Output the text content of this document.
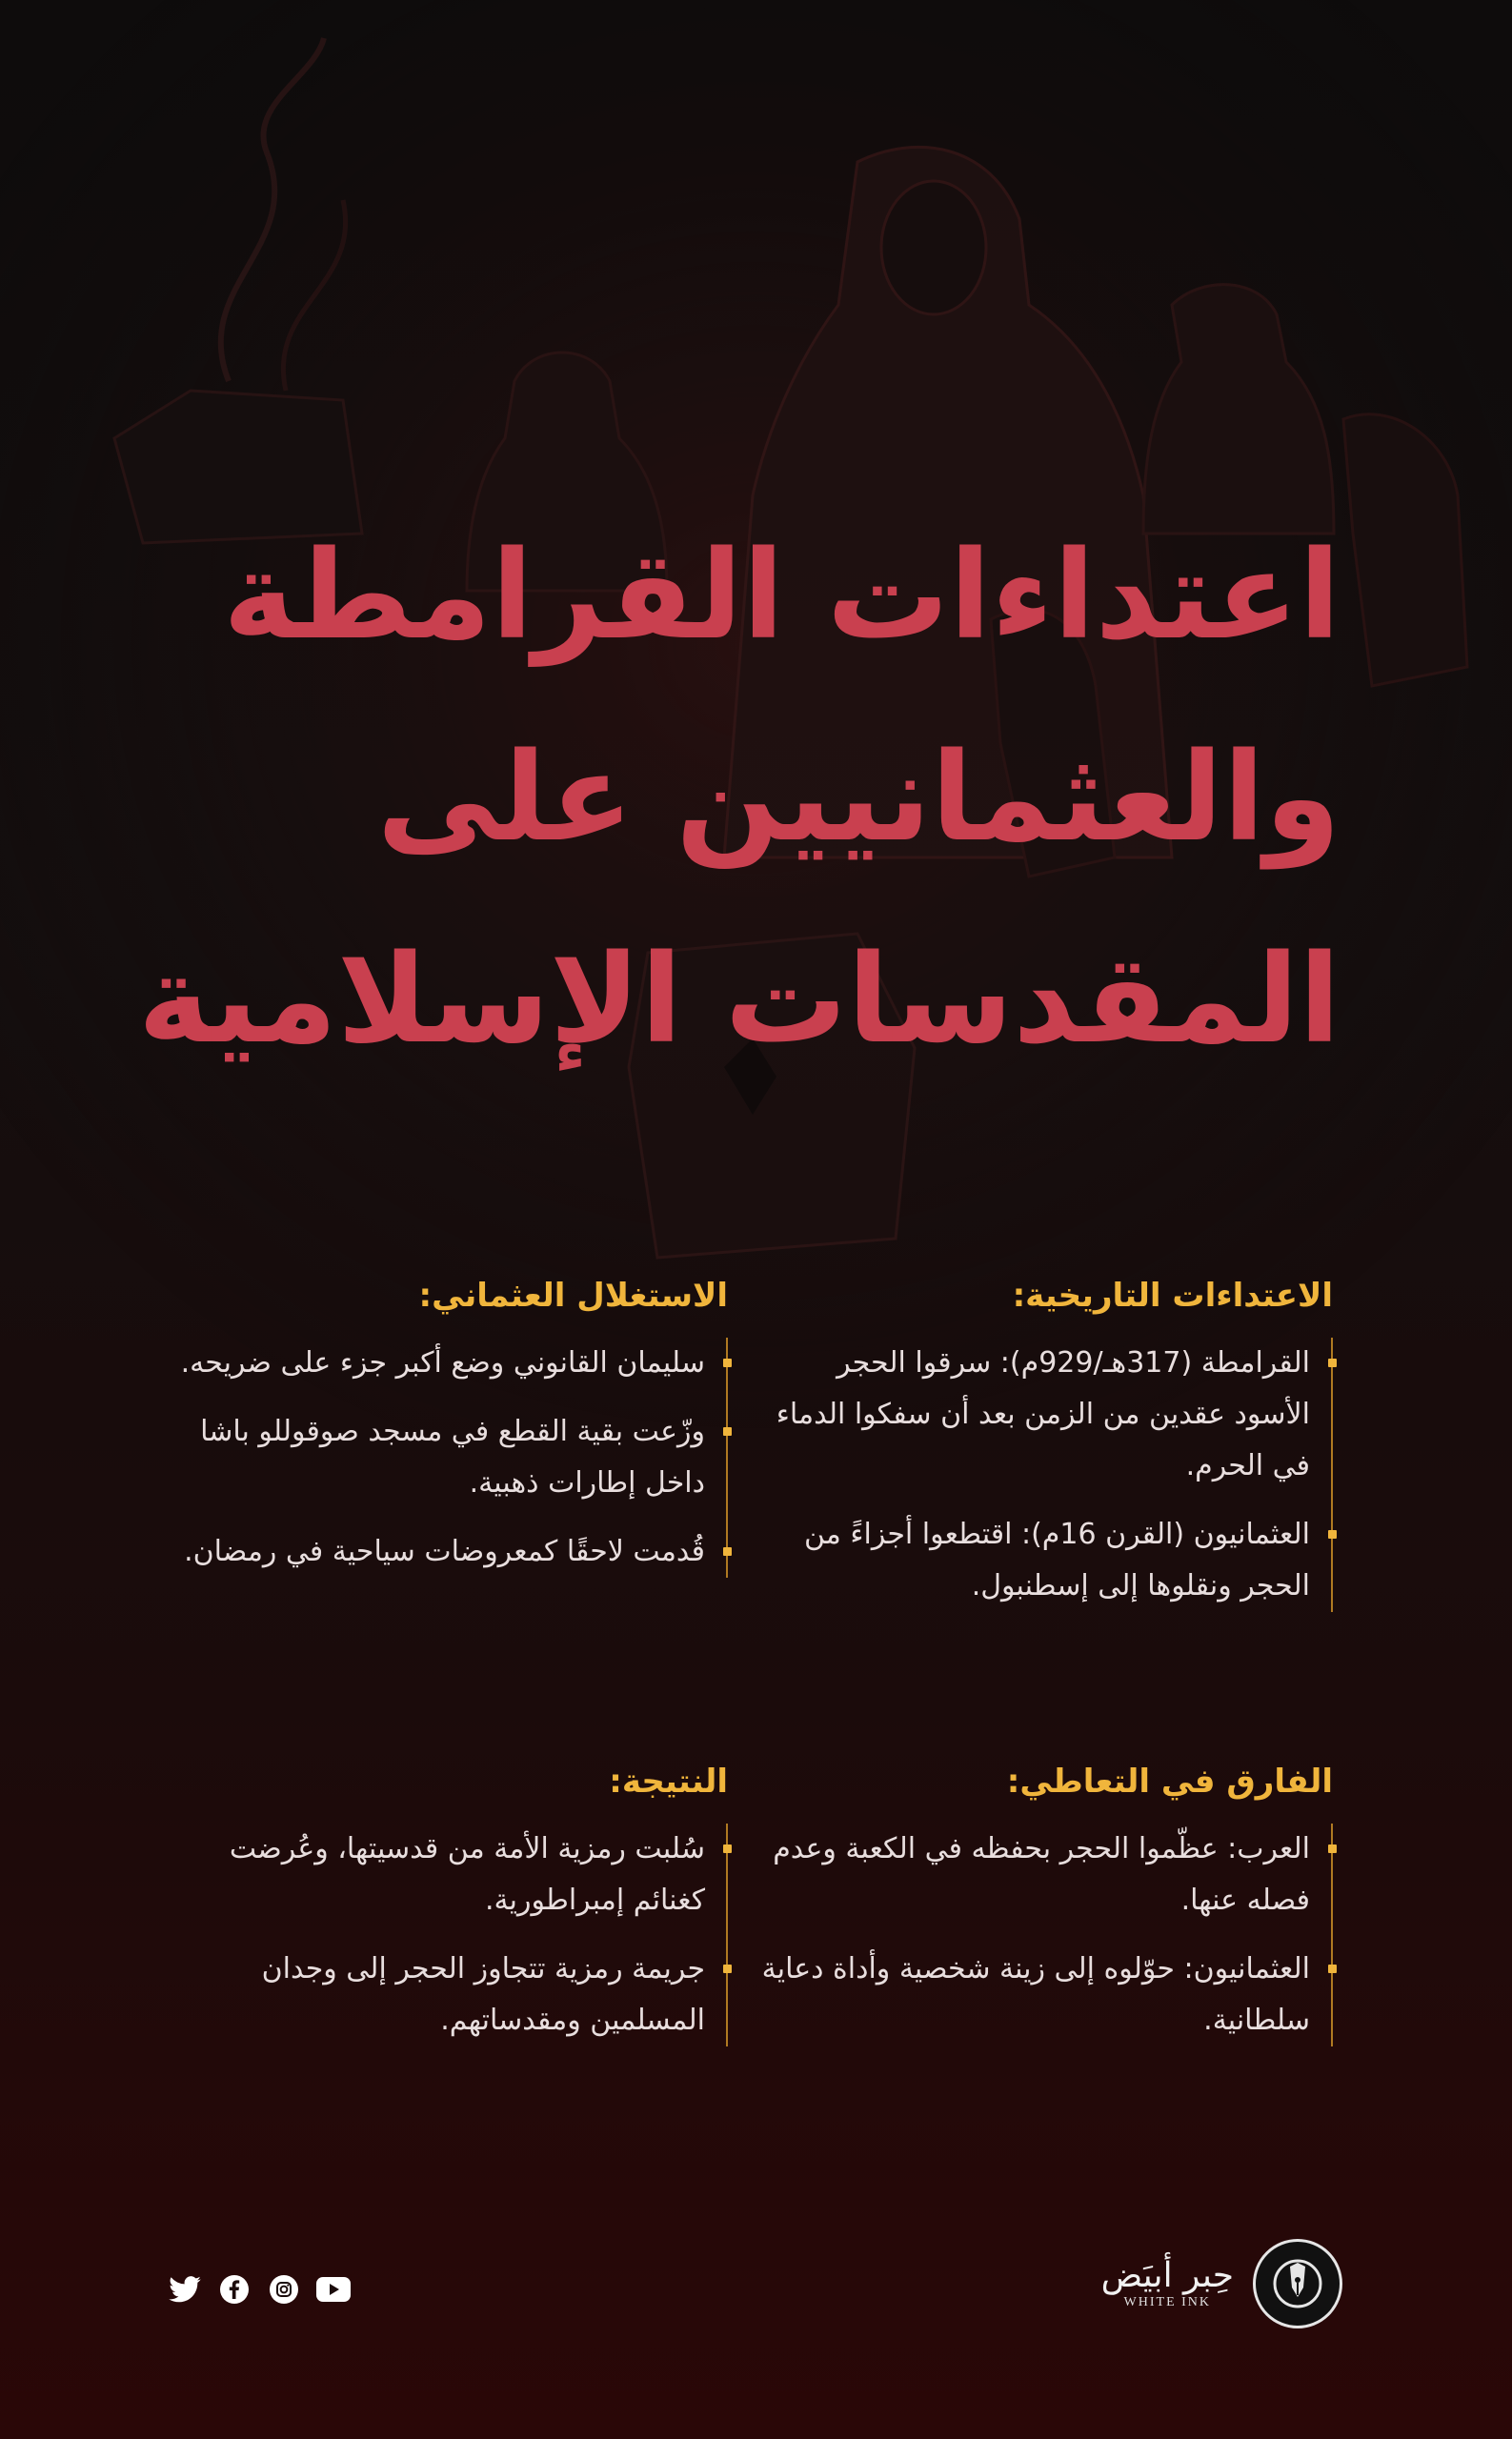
اعتداءات القرامطة
والعثمانيين على
المقدسات الإسلامية
الاعتداءات التاريخية:
القرامطة (317هـ/929م): سرقوا الحجر الأسود عقدين من الزمن بعد أن سفكوا الدماء في الحرم.
العثمانيون (القرن 16م): اقتطعوا أجزاءً من الحجر ونقلوها إلى إسطنبول.
الاستغلال العثماني:
سليمان القانوني وضع أكبر جزء على ضريحه.
وزّعت بقية القطع في مسجد صوقوللو باشا داخل إطارات ذهبية.
قُدمت لاحقًا كمعروضات سياحية في رمضان.
الفارق في التعاطي:
العرب: عظّموا الحجر بحفظه في الكعبة وعدم فصله عنها.
العثمانيون: حوّلوه إلى زينة شخصية وأداة دعاية سلطانية.
النتيجة:
سُلبت رمزية الأمة من قدسيتها، وعُرضت كغنائم إمبراطورية.
جريمة رمزية تتجاوز الحجر إلى وجدان المسلمين ومقدساتهم.
حِبر أبيَض
WHITE INK
